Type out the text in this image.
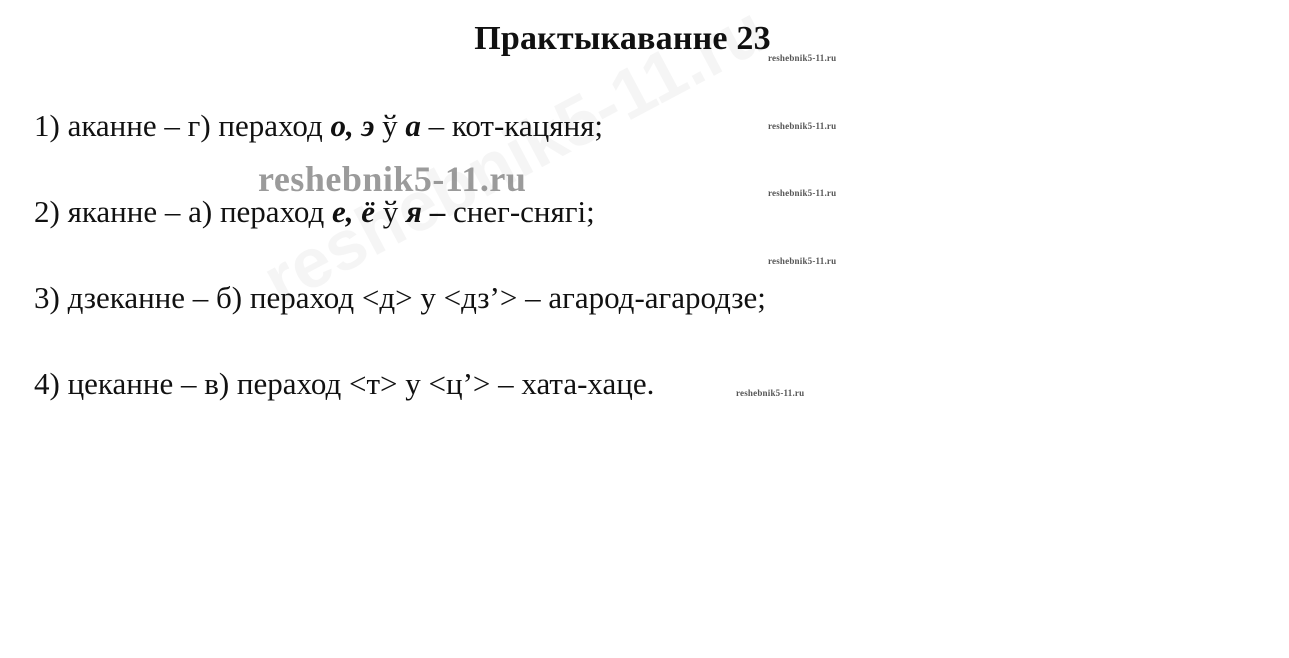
Практыкаванне 23
1) аканне – г) пераход о, э ў а – кот-кацяня;
2) яканне – а) пераход е, ё ў я – снег-снягі;
3) дзеканне – б) пераход <д> у <дз’> – агарод-агародзе;
4) цеканне – в) пераход <т> у <ц’> – хата-хаце.
reshebnik5-11.ru
reshebnik5-11.ru
reshebnik5-11.ru
reshebnik5-11.ru
reshebnik5-11.ru
reshebnik5-11.ru
